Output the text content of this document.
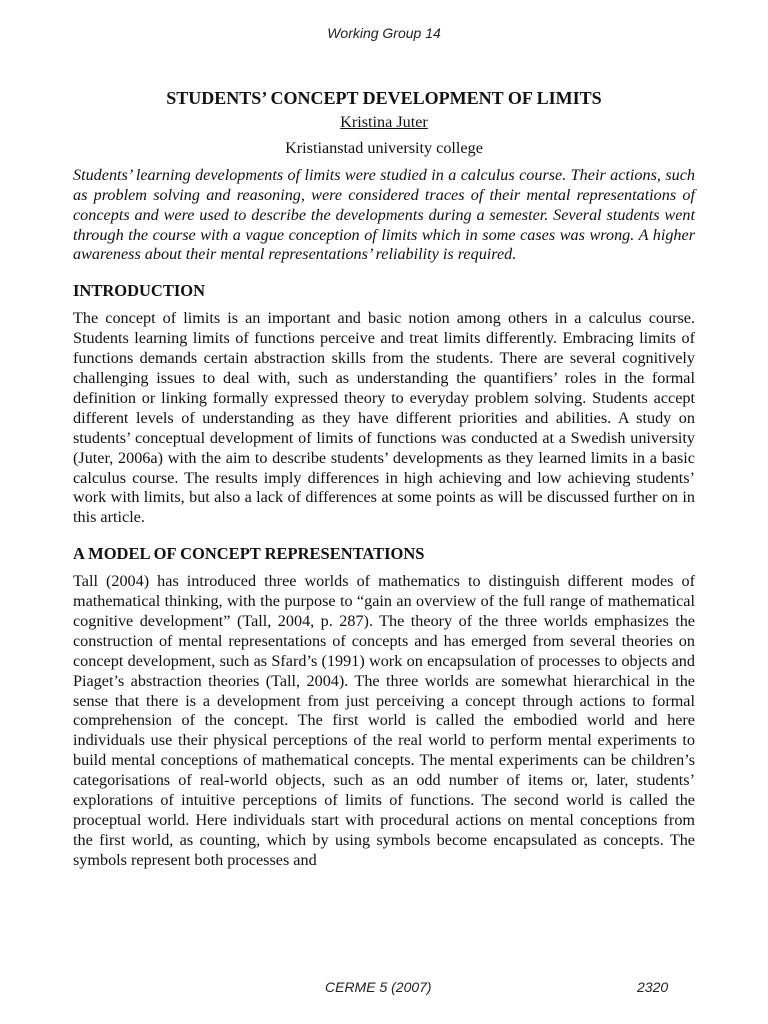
Working Group 14
STUDENTS’ CONCEPT DEVELOPMENT OF LIMITS
Kristina Juter
Kristianstad university college

Students’ learning developments of limits were studied in a calculus course. Their actions, such as problem solving and reasoning, were considered traces of their mental representations of concepts and were used to describe the developments during a semester. Several students went through the course with a vague conception of limits which in some cases was wrong. A higher awareness about their mental representations’ reliability is required.

INTRODUCTION

The concept of limits is an important and basic notion among others in a calculus course. Students learning limits of functions perceive and treat limits differently. Embracing limits of functions demands certain abstraction skills from the students. There are several cognitively challenging issues to deal with, such as understanding the quantifiers’ roles in the formal definition or linking formally expressed theory to everyday problem solving. Students accept different levels of understanding as they have different priorities and abilities. A study on students’ conceptual development of limits of functions was conducted at a Swedish university (Juter, 2006a) with the aim to describe students’ developments as they learned limits in a basic calculus course. The results imply differences in high achieving and low achieving students’ work with limits, but also a lack of differences at some points as will be discussed further on in this article.

A MODEL OF CONCEPT REPRESENTATIONS

Tall (2004) has introduced three worlds of mathematics to distinguish different modes of mathematical thinking, with the purpose to “gain an overview of the full range of mathematical cognitive development” (Tall, 2004, p. 287). The theory of the three worlds emphasizes the construction of mental representations of concepts and has emerged from several theories on concept development, such as Sfard’s (1991) work on encapsulation of processes to objects and Piaget’s abstraction theories (Tall, 2004). The three worlds are somewhat hierarchical in the sense that there is a development from just perceiving a concept through actions to formal comprehension of the concept. The first world is called the embodied world and here individuals use their physical perceptions of the real world to perform mental experiments to build mental conceptions of mathematical concepts. The mental experiments can be children’s categorisations of real-world objects, such as an odd number of items or, later, students’ explorations of intuitive perceptions of limits of functions. The second world is called the proceptual world. Here individuals start with procedural actions on mental conceptions from the first world, as counting, which by using symbols become encapsulated as concepts. The symbols represent both processes and

CERME 5 (2007)	2320
